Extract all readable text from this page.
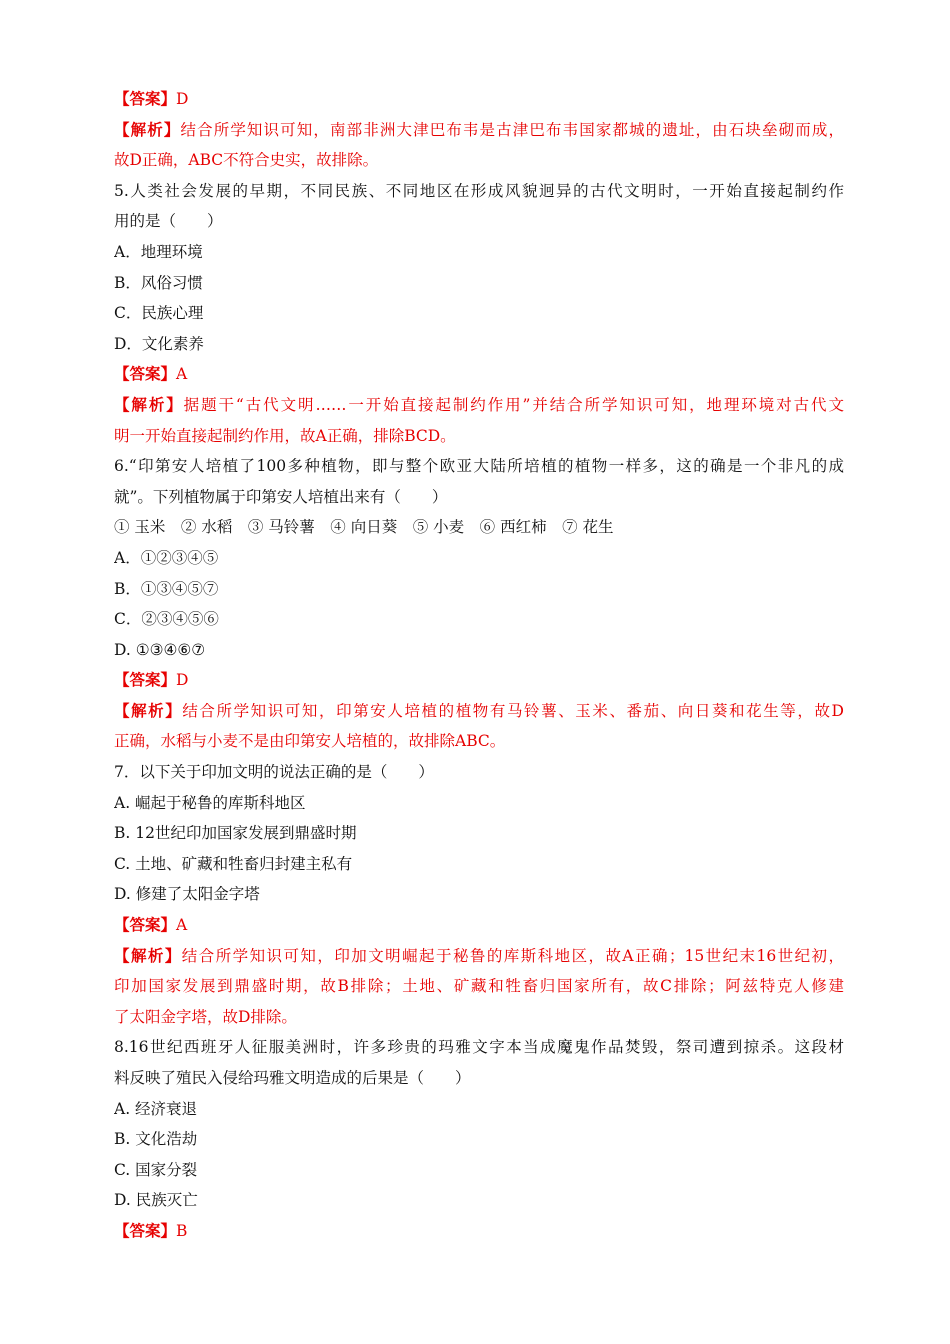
【答案】D
【解析】结合所学知识可知，南部非洲大津巴布韦是古津巴布韦国家都城的遗址，由石块垒砌而成，
故D正确，ABC不符合史实，故排除。
5.人类社会发展的早期，不同民族、不同地区在形成风貌迥异的古代文明时，一开始直接起制约作
用的是（　　）
A．地理环境
B．风俗习惯
C．民族心理
D．文化素养
【答案】A
【解析】据题干“古代文明……一开始直接起制约作用”并结合所学知识可知，地理环境对古代文
明一开始直接起制约作用，故A正确，排除BCD。
6.“印第安人培植了100多种植物，即与整个欧亚大陆所培植的植物一样多，这的确是一个非凡的成
就”。下列植物属于印第安人培植出来有（　　）
① 玉米　② 水稻　③ 马铃薯　④ 向日葵　⑤ 小麦　⑥ 西红柿　⑦ 花生
A．①②③④⑤
B．①③④⑤⑦
C．②③④⑤⑥
D. ①③④⑥⑦
【答案】D
【解析】结合所学知识可知，印第安人培植的植物有马铃薯、玉米、番茄、向日葵和花生等，故D
正确，水稻与小麦不是由印第安人培植的，故排除ABC。
7．以下关于印加文明的说法正确的是（　　）
A. 崛起于秘鲁的库斯科地区
B. 12世纪印加国家发展到鼎盛时期
C. 土地、矿藏和牲畜归封建主私有
D. 修建了太阳金字塔
【答案】A
【解析】结合所学知识可知，印加文明崛起于秘鲁的库斯科地区，故A正确；15世纪末16世纪初，
印加国家发展到鼎盛时期，故B排除；土地、矿藏和牲畜归国家所有，故C排除；阿兹特克人修建
了太阳金字塔，故D排除。
8.16世纪西班牙人征服美洲时，许多珍贵的玛雅文字本当成魔鬼作品焚毁，祭司遭到掠杀。这段材
料反映了殖民入侵给玛雅文明造成的后果是（　　）
A. 经济衰退
B. 文化浩劫
C. 国家分裂
D. 民族灭亡
【答案】B
